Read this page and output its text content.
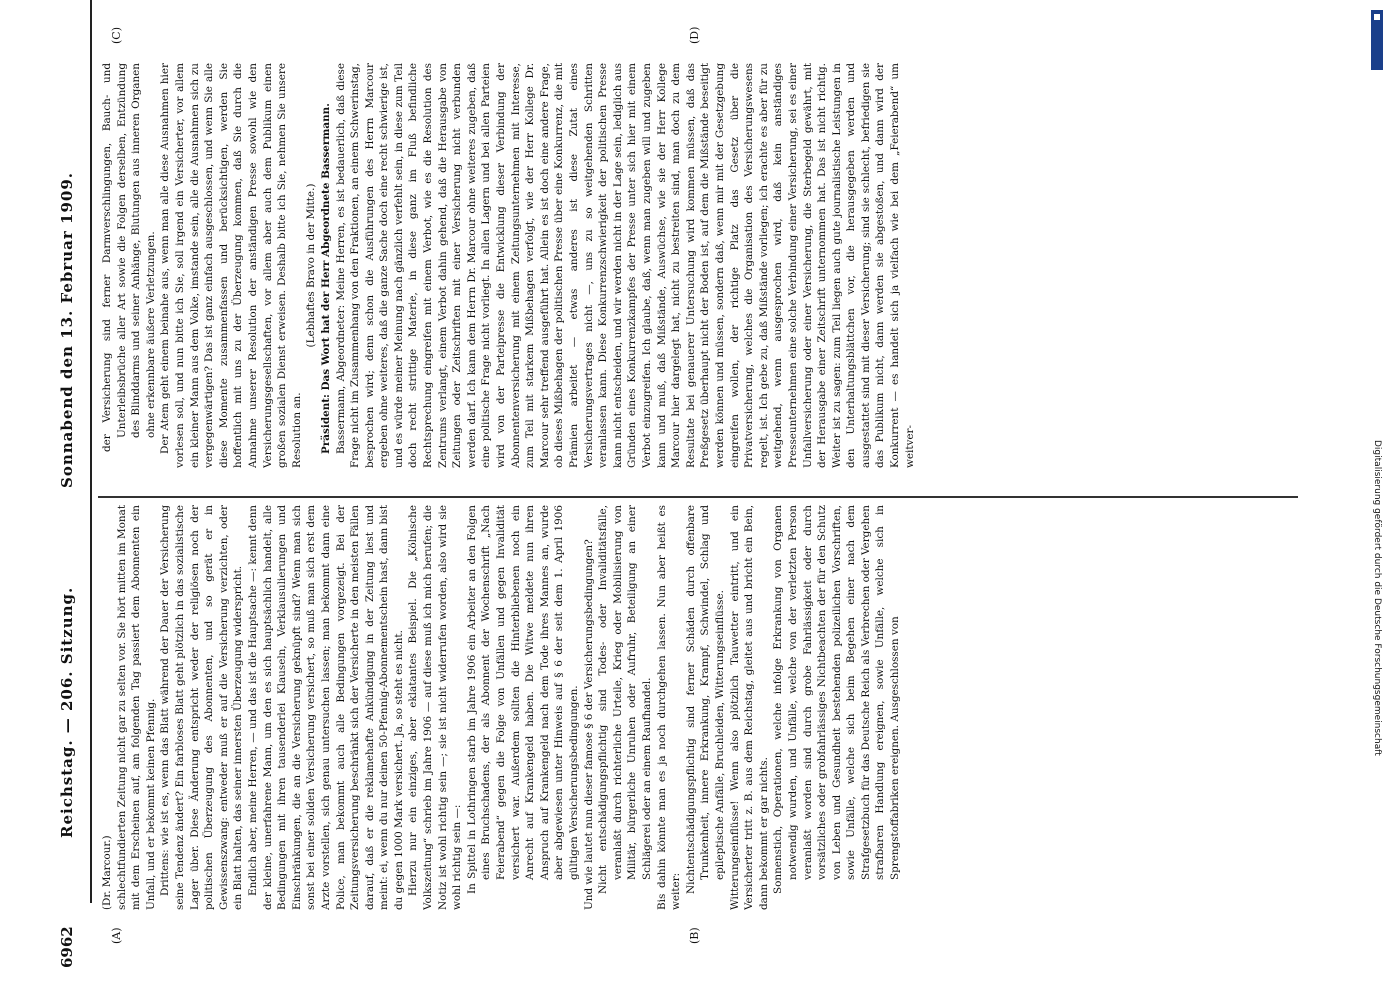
6962
Reichstag. — 206. Sitzung.
Sonnabend den 13. Februar 1909.
(A)	(B)
(C)	(D)

(Dr. Marcour.) schlechtfundierten Zeitung nicht gar zu selten vor. Sie hört mitten im Monat mit dem Erscheinen auf, am folgenden Tag passiert dem Abonnenten ein Unfall, und er bekommt keinen Pfennig. Drittens: wie ist es, wenn das Blatt während der Dauer der Versicherung seine Tendenz ändert? Ein farbloses Blatt geht plötzlich in das sozialistische Lager über. Diese Änderung entspricht weder der religiösen noch der politischen Überzeugung des Abonnenten, und so gerät er in Gewissenszwang: entweder muß er auf die Versicherung verzichten, oder ein Blatt halten, das seiner innersten Überzeugung widerspricht. Endlich aber, meine Herren, — und das ist die Hauptsache —: kennt denn der kleine, unerfahrene Mann, um den es sich hauptsächlich handelt, alle Bedingungen mit ihren tausenderlei Klauseln, Verklausulierungen und Einschränkungen, die an die Versicherung geknüpft sind? Wenn man sich sonst bei einer soliden Versicherung versichert, so muß man sich erst dem Arzte vorstellen, sich genau untersuchen lassen; man bekommt dann eine Police, man bekommt auch alle Bedingungen vorgezeigt. Bei der Zeitungsversicherung beschränkt sich der Versicherte in den meisten Fällen darauf, daß er die reklamehafte Ankündigung in der Zeitung liest und meint: ei, wenn du nur deinen 50-Pfennig-Abonnementschein hast, dann bist du gegen 1000 Mark versichert. Ja, so steht es nicht. Hierzu nur ein einziges, aber eklatantes Beispiel. Die „Kölnische Volkszeitung“ schrieb im Jahre 1906 — auf diese muß ich mich berufen; die Notiz ist wohl richtig sein —; sie ist nicht widerrufen worden, also wird sie wohl richtig sein —: In Spittel in Lothringen starb im Jahre 1906 ein Arbeiter an den Folgen eines Bruchschadens, der als Abonnent der Wochenschrift „Nach Feierabend“ gegen die Folge von Unfällen und gegen Invalidität versichert war. Außerdem sollten die Hinterbliebenen noch ein Anrecht auf Krankengeld haben. Die Witwe meldete nun ihren Anspruch auf Krankengeld nach dem Tode ihres Mannes an, wurde aber abgewiesen unter Hinweis auf § 6 der seit dem 1. April 1906 gültigen Versicherungsbedingungen. Und wie lautet nun dieser famose § 6 der Versicherungsbedingungen? Nicht entschädigungspflichtig sind Todes- oder Invaliditätsfälle, veranlaßt durch richterliche Urteile, Krieg oder Mobilisierung von Militär, bürgerliche Unruhen oder Aufruhr, Beteiligung an einer Schlägerei oder an einem Raufhandel. Bis dahin könnte man es ja noch durchgehen lassen. Nun aber heißt es weiter: Nichtentschädigungspflichtig sind ferner Schäden durch offenbare Trunkenheit, innere Erkrankung, Krampf, Schwindel, Schlag und epileptische Anfälle, Bruchleiden, Witterungseinflüsse. Witterungseinflüsse! Wenn also plötzlich Tauwetter eintritt, und ein Versicherter tritt z. B. aus dem Reichstag, gleitet aus und bricht ein Bein, dann bekommt er gar nichts. Sonnenstich, Operationen, welche infolge Erkrankung von Organen notwendig wurden, und Unfälle, welche von der verletzten Person veranlaßt worden sind durch grobe Fahrlässigkeit oder durch vorsätzliches oder grobfahrlässiges Nichtbeachten der für den Schutz von Leben und Gesundheit bestehenden polizeilichen Vorschriften, sowie Unfälle, welche sich beim Begehen einer nach dem Strafgesetzbuch für das Deutsche Reich als Verbrechen oder Vergehen strafbaren Handlung ereignen, sowie Unfälle, welche sich in Sprengstoffabriken ereignen. Ausgeschlossen von

der Versicherung sind ferner Darmverschlingungen, Bauch- und Unterleibsbrüche aller Art sowie die Folgen derselben, Entzündung des Blinddarms und seiner Anhänge, Blutungen aus inneren Organen ohne erkennbare äußere Verletzungen. Der Atem geht einem beinahe aus, wenn man alle diese Ausnahmen hier vorlesen soll, und nun bitte ich Sie, soll irgend ein Versicherter, vor allem ein kleiner Mann aus dem Volke, imstande sein, alle die Ausnahmen sich zu vergegenwärtigen? Das ist ganz einfach ausgeschlossen, und wenn Sie alle diese Momente zusammenfassen und berücksichtigen, werden Sie hoffentlich mit uns zu der Überzeugung kommen, daß Sie durch die Annahme unserer Resolution der anständigen Presse sowohl wie den Versicherungsgesellschaften, vor allem aber auch dem Publikum einen großen sozialen Dienst erweisen. Deshalb bitte ich Sie, nehmen Sie unsere Resolution an.

(Lebhaftes Bravo in der Mitte.) Präsident: Das Wort hat der Herr Abgeordnete Bassermann. Bassermann, Abgeordneter: Meine Herren, es ist bedauerlich, daß diese Frage nicht im Zusammenhang von den Fraktionen, an einem Schwerinstag, besprochen wird; denn schon die Ausführungen des Herrn Marcour ergeben ohne weiteres, daß die ganze Sache doch eine recht schwierige ist, und es würde meiner Meinung nach gänzlich verfehlt sein, in diese zum Teil doch recht strittige Materie, in diese ganz im Fluß befindliche Rechtsprechung eingreifen mit einem Verbot, wie es die Resolution des Zentrums verlangt, einem Verbot dahin gehend, daß die Herausgabe von Zeitungen oder Zeitschriften mit einer Versicherung nicht verbunden werden darf. Ich kann dem Herrn Dr. Marcour ohne weiteres zugeben, daß eine politische Frage nicht vorliegt. In allen Lagern und bei allen Parteien wird von der Parteipresse die Entwicklung dieser Verbindung der Abonnentenversicherung mit einem Zeitungsunternehmen mit Interesse, zum Teil mit starkem Mißbehagen verfolgt, wie der Herr Kollege Dr. Marcour sehr treffend ausgeführt hat. Allein es ist doch eine andere Frage, ob dieses Mißbehagen der politischen Presse über eine Konkurrenz, die mit Prämien arbeitet — etwas anderes ist diese Zutat eines Versicherungsvertrages nicht —, uns zu so weitgehenden Schritten veranlassen kann. Diese Konkurrenzschwierigkeit der politischen Presse kann nicht entscheiden, und wir werden nicht in der Lage sein, lediglich aus Gründen eines Konkurrenzkampfes der Presse unter sich hier mit einem Verbot einzugreifen. Ich glaube, daß, wenn man zugeben will und zugeben kann und muß, daß Mißstände, Auswüchse, wie sie der Herr Kollege Marcour hier dargelegt hat, nicht zu bestreiten sind, man doch zu dem Resultate bei genauerer Untersuchung wird kommen müssen, daß das Preßgesetz überhaupt nicht der Boden ist, auf dem die Mißstände beseitigt werden können und müssen, sondern daß, wenn mir mit der Gesetzgebung eingreifen wollen, der richtige Platz das Gesetz über die Privatversicherung, welches die Organisation des Versicherungswesens regelt, ist. Ich gebe zu, daß Mißstände vorliegen; ich erachte es aber für zu weitgehend, wenn ausgesprochen wird, daß kein anständiges Presseunternehmen eine solche Verbindung einer Versicherung, sei es einer Unfallversicherung oder einer Versicherung, die Sterbegeld gewährt, mit der Herausgabe einer Zeitschrift unternommen hat. Das ist nicht richtig. Weiter ist zu sagen: zum Teil liegen auch gute journalistische Leistungen in den Unterhaltungsblättchen vor, die herausgegeben werden und ausgestattet sind mit dieser Versicherung; sind sie schlecht, befriedigen sie das Publikum nicht, dann werden sie abgestoßen, und dann wird der Konkurrent — es handelt sich ja vielfach wie bei dem „Feierabend“ um weitver-	Digitalisierung gefördert durch die Deutsche Forschungsgemeinschaft
